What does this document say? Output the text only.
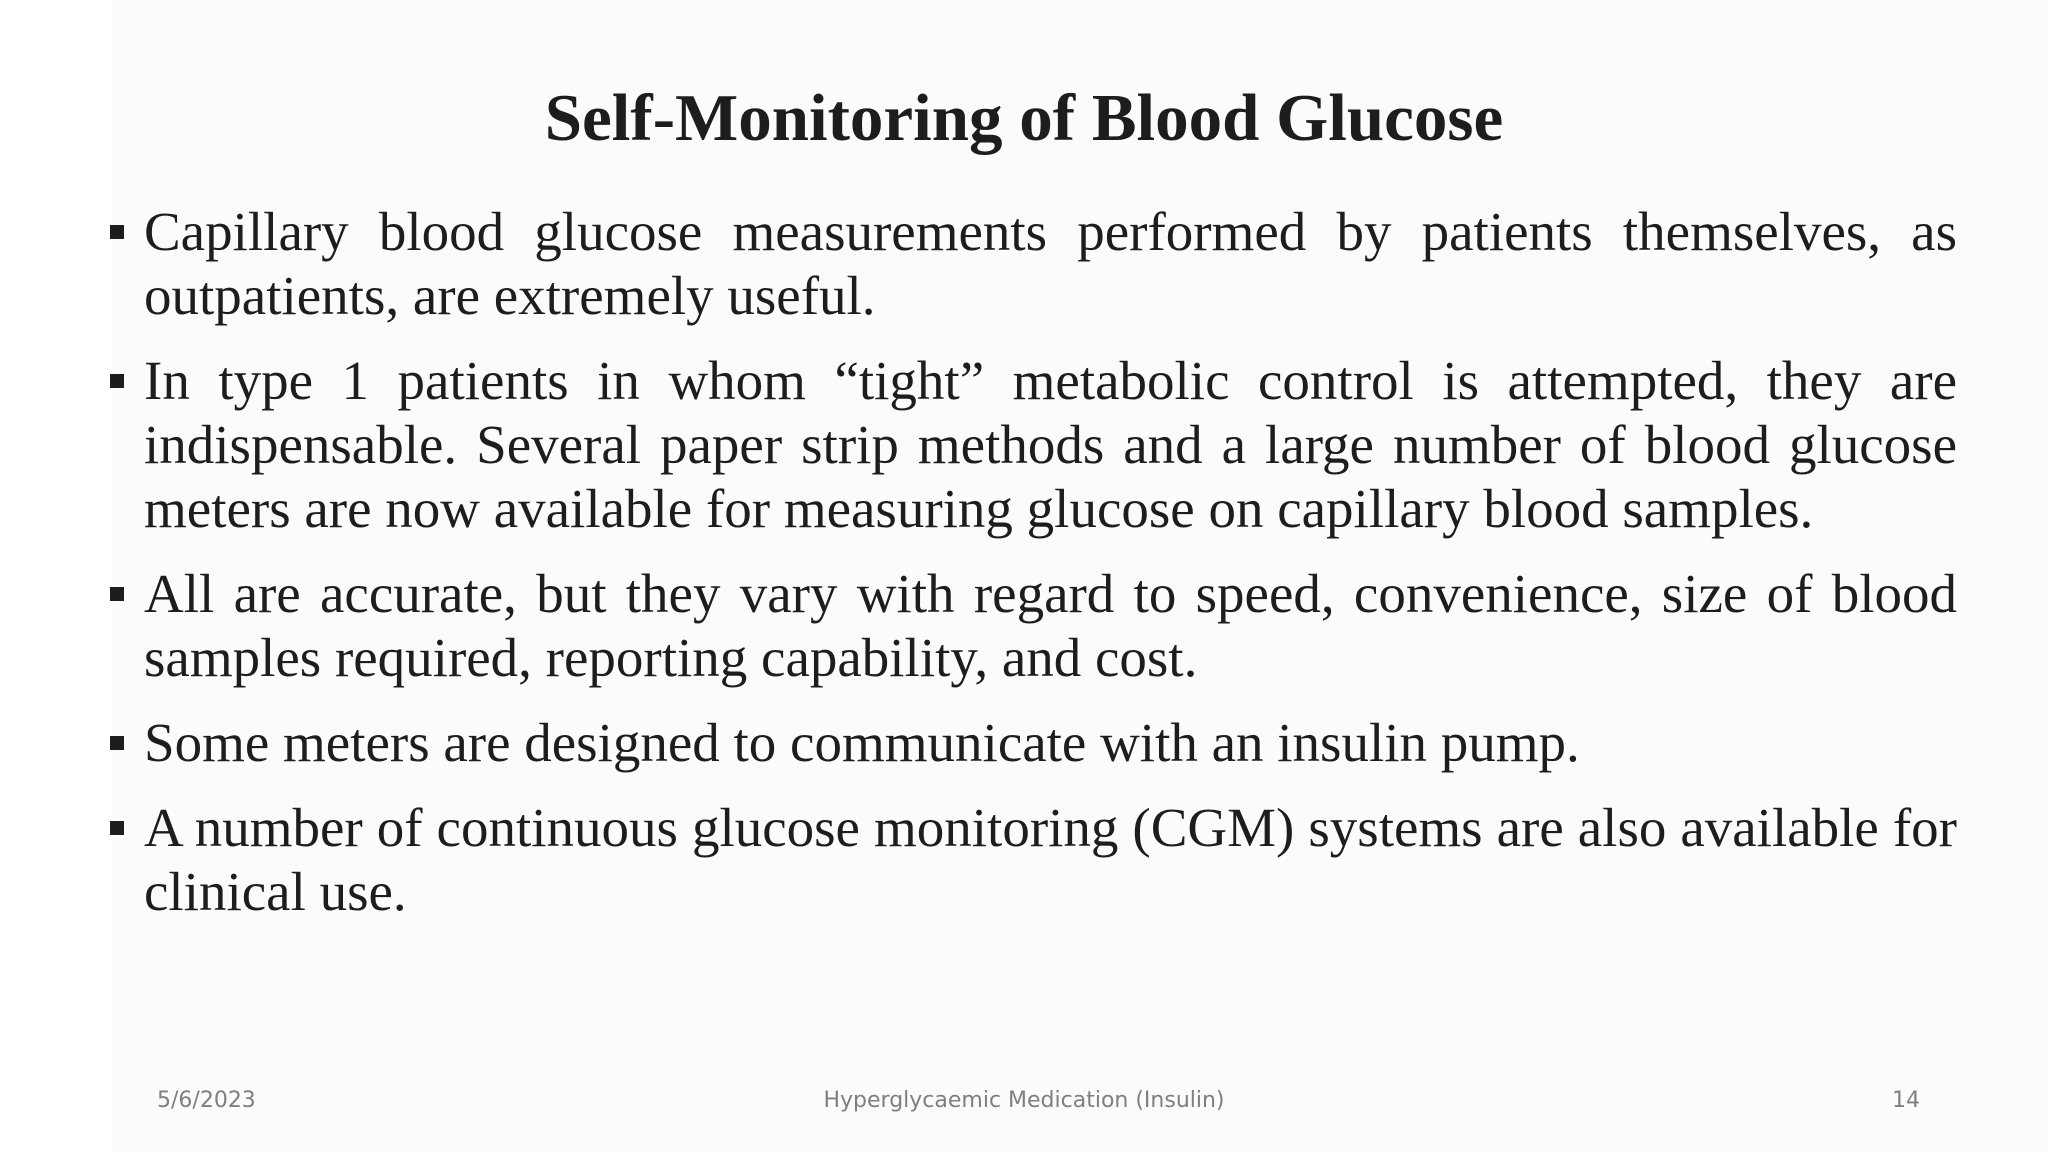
Self-Monitoring of Blood Glucose
Capillary blood glucose measurements performed by patients themselves, as outpatients, are extremely useful.
In type 1 patients in whom “tight” metabolic control is attempted, they are indispensable. Several paper strip methods and a large number of blood glucose meters are now available for measuring glucose on capillary blood samples.
All are accurate, but they vary with regard to speed, convenience, size of blood samples required, reporting capability, and cost.
Some meters are designed to communicate with an insulin pump.
A number of continuous glucose monitoring (CGM) systems are also available for clinical use.
5/6/2023	Hyperglycaemic Medication (Insulin)	14
